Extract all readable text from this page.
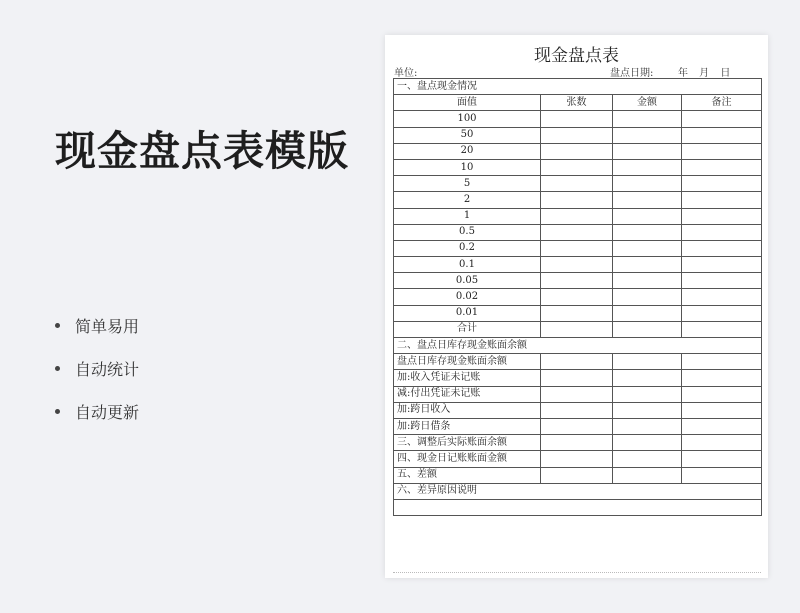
现金盘点表模版
简单易用
自动统计
自动更新
现金盘点表
单位:	盘点日期: 年 月 日
一、盘点现金情况			
面值	张数	金额	备注
100			
50			
20			
10			
5			
2			
1			
0.5			
0.2			
0.1			
0.05			
0.02			
0.01			
合计			
二、盘点日库存现金账面余额			
盘点日库存现金账面余额			
加:收入凭证未记账			
减:付出凭证未记账			
加:跨日收入			
加:跨日借条			
三、调整后实际账面余额			
四、现金日记账账面金额			
五、差额			
六、差异原因说明			
